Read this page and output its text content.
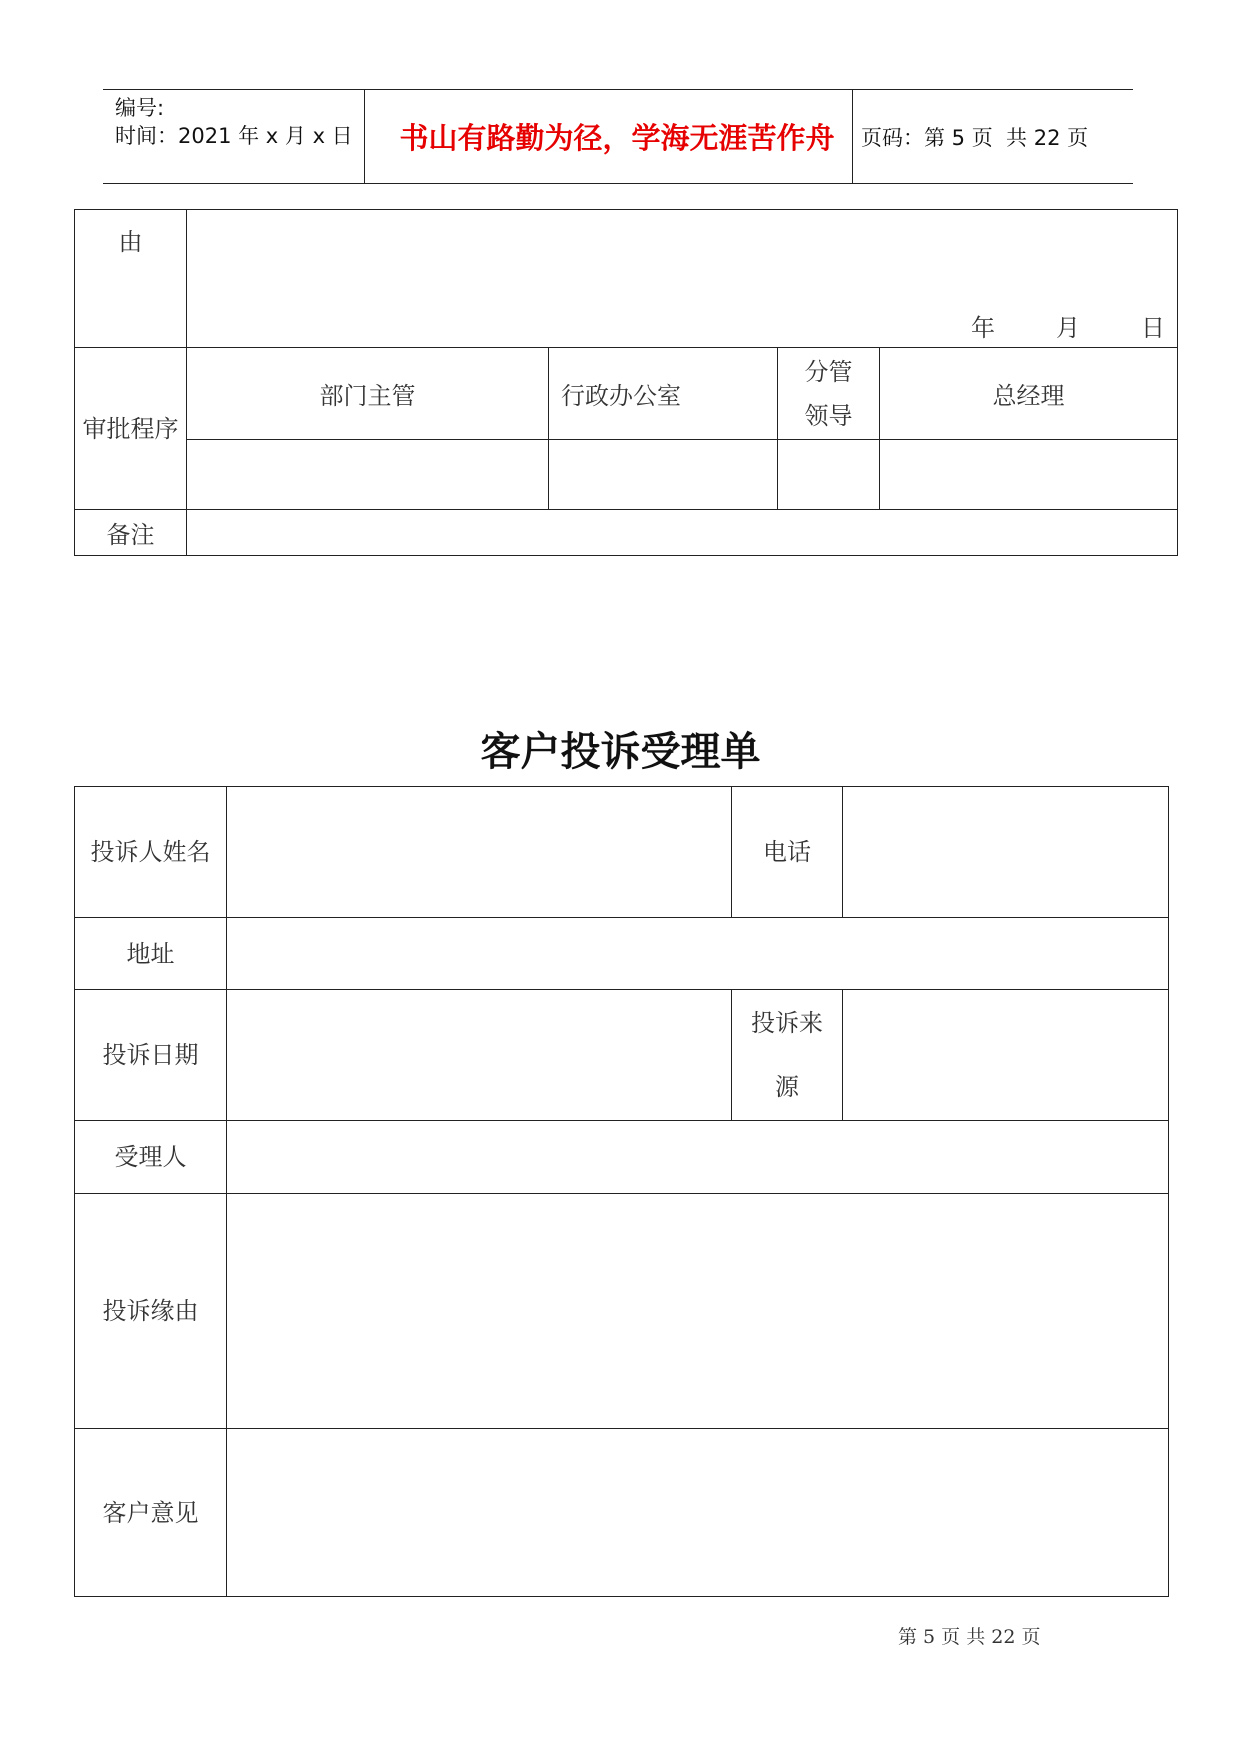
编号:
时间：2021 年 x 月 x 日	书山有路勤为径，学海无涯苦作舟	页码：第 5 页  共 22 页
由	年        月        日			

审批程序	部门主管	行政办公室	分管领导	总经理

备注				
客户投诉受理单
投诉人姓名		电话	
地址			
投诉日期		投诉来源	
受理人			
投诉缘由			
客户意见			
第 5 页 共 22 页
